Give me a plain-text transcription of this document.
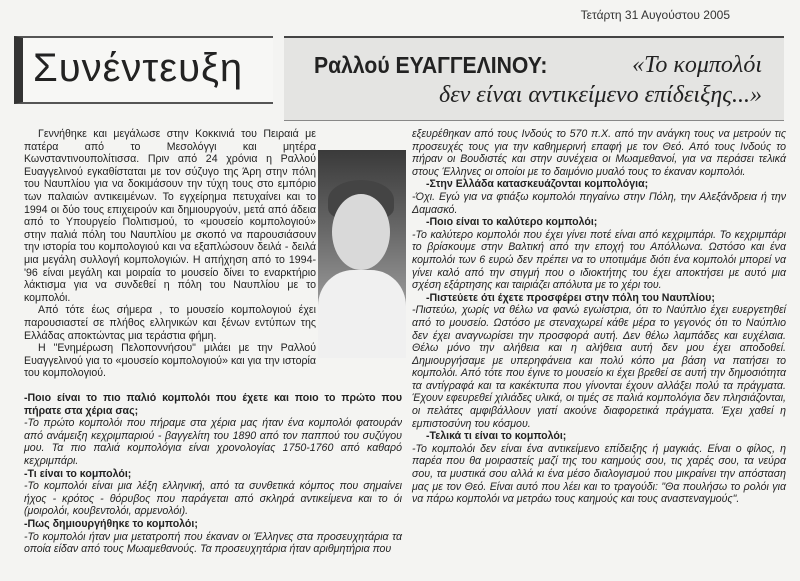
Τετάρτη 31 Αυγούστου 2005
Συνέντευξη	Ραλλού ΕΥΑΓΓΕΛΙΝΟΥ:	«Το κομπολόι
δεν είναι αντικείμενο επίδειξης...»

Γεννήθηκε και μεγάλωσε στην Κοκκινιά του Πειραιά με πατέρα από το Μεσολόγγι και μητέρα Κωνσταντινουπολίτισσα. Πριν από 24 χρόνια η Ραλλού Ευαγγελινού εγκαθίσταται με τον σύζυγο της Άρη στην πόλη του Ναυπλίου για να δοκιμάσουν την τύχη τους στο εμπόριο των παλαιών αντικειμένων. Το εγχείρημα πετυχαίνει και το 1994 οι δύο τους επιχειρούν και δημιουργούν, μετά από άδεια από το Υπουργείο Πολιτισμού, το «μουσείο κομπολογιού» στην παλιά πόλη του Ναυπλίου με σκοπό να παρουσιάσουν την ιστορία του κομπολογιού και να εξαπλώσουν δειλά - δειλά μια μεγάλη συλλογή κομπολογιών. Η απήχηση από το 1994-'96 είναι μεγάλη και μοιραία το μουσείο δίνει το εναρκτήριο λάκτισμα για να συνδεθεί η πόλη του Ναυπλίου με το κομπολόι.

Από τότε έως σήμερα , το μουσείο κομπολογιού έχει παρουσιαστεί σε πλήθος ελληνικών και ξένων εντύπων της Ελλάδας αποκτώντας μια τεράστια φήμη.

Η "Ενημέρωση Πελοποννήσου" μιλάει με την Ραλλού Ευαγγελινού για το «μουσείο κομπολογιού» και για την ιστορία του κομπολογιού.

-Ποιο είναι το πιο παλιό κομπολόι που έχετε και ποιο το πρώτο που πήρατε στα χέρια σας;

-Το πρώτο κομπολόι που πήραμε στα χέρια μας ήταν ένα κομπολόι φατουράν από ανάμειξη κεχριμπαριού - βαγγελίτη του 1890 από τον παππού του συζύγου μου. Τα πιο παλιά κομπολόγια είναι χρονολογίας 1750-1760 από καθαρό κεχριμπάρι.

-Τι είναι το κομπολόι;

-Το κομπολόι είναι μια λέξη ελληνική, από τα συνθετικά κόμπος που σημαίνει ήχος - κρότος - θόρυβος που παράγεται από σκληρά αντικείμενα και το όι (μοιρολόι, κουβεντολόι, αρμενολόι).

-Πως δημιουργήθηκε το κομπολόι;

-Το κομπολόι ήταν μια μετατροπή που έκαναν οι Έλληνες στα προσευχητάρια τα οποία είδαν από τους Μωαμεθανούς. Τα προσευχητάρια ήταν αριθμητήρια που

εξευρέθηκαν από τους Ινδούς το 570 π.Χ. από την ανάγκη τους να μετρούν τις προσευχές τους για την καθημερινή επαφή με τον Θεό. Από τους Ινδούς το πήραν οι Βουδιστές και στην συνέχεια οι Μωαμεθανοί, για να περάσει τελικά στους Έλληνες οι οποίοι με το δαιμόνιο μυαλό τους το έκαναν κομπολόι.

-Στην Ελλάδα κατασκευάζονται κομπολόγια;

-Όχι. Εγώ για να φτιάξω κομπολόι πηγαίνω στην Πόλη, την Αλεξάνδρεια ή την Δαμασκό.

-Ποιο είναι το καλύτερο κομπολόι;

-Το καλύτερο κομπολόι που έχει γίνει ποτέ είναι από κεχριμπάρι. Το κεχριμπάρι το βρίσκουμε στην Βαλτική από την εποχή του Απόλλωνα. Ωστόσο και ένα κομπολόι των 6 ευρώ δεν πρέπει να το υποτιμάμε διότι ένα κομπολόι μπορεί να γίνει καλό από την στιγμή που ο ιδιοκτήτης του έχει αποκτήσει με αυτό μια σχέση εξάρτησης και ταιριάζει απόλυτα με το χέρι του.

-Πιστεύετε ότι έχετε προσφέρει στην πόλη του Ναυπλίου;

-Πιστεύω, χωρίς να θέλω να φανώ εγωίστρια, ότι το Ναύπλιο έχει ευεργετηθεί από το μουσείο. Ωστόσο με στεναχωρεί κάθε μέρα το γεγονός ότι το Ναύπλιο δεν έχει αναγνωρίσει την προσφορά αυτή. Δεν θέλω λαμπάδες και ευχέλαια. Θέλω μόνο την αλήθεια και η αλήθεια αυτή δεν μου έχει αποδοθεί. Δημιουργήσαμε με υπερηφάνεια και πολύ κόπο μα βάση να πατήσει το κομπολόι. Από τότε που έγινε το μουσείο κι έχει βρεθεί σε αυτή την δημοσιότητα τα αντίγραφά και τα κακέκτυπα που γίνονται έχουν αλλάξει πολύ τα πράγματα. Έχουν εφευρεθεί χιλιάδες υλικά, οι τιμές σε παλιά κομπολόγια δεν πλησιάζονται, οι πελάτες αμφιβάλλουν γιατί ακούνε διαφορετικά πράγματα. Έχει χαθεί η εμπιστοσύνη του κόσμου.

-Τελικά τι είναι το κομπολόι;

-Το κομπολόι δεν είναι ένα αντικείμενο επίδειξης ή μαγκιάς. Είναι ο φίλος, η παρέα που θα μοιραστείς μαζί της του καημούς σου, τις χαρές σου, τα νεύρα σου, τα μυστικά σου αλλά κι ένα μέσο διαλογισμού που μικραίνει την απόσταση μας με τον Θεό. Είναι αυτό που λέει και το τραγούδι: "Θα πουλήσω το ρολόι για να πάρω κομπολόι να μετράω τους καημούς και τους αναστεναγμούς".
